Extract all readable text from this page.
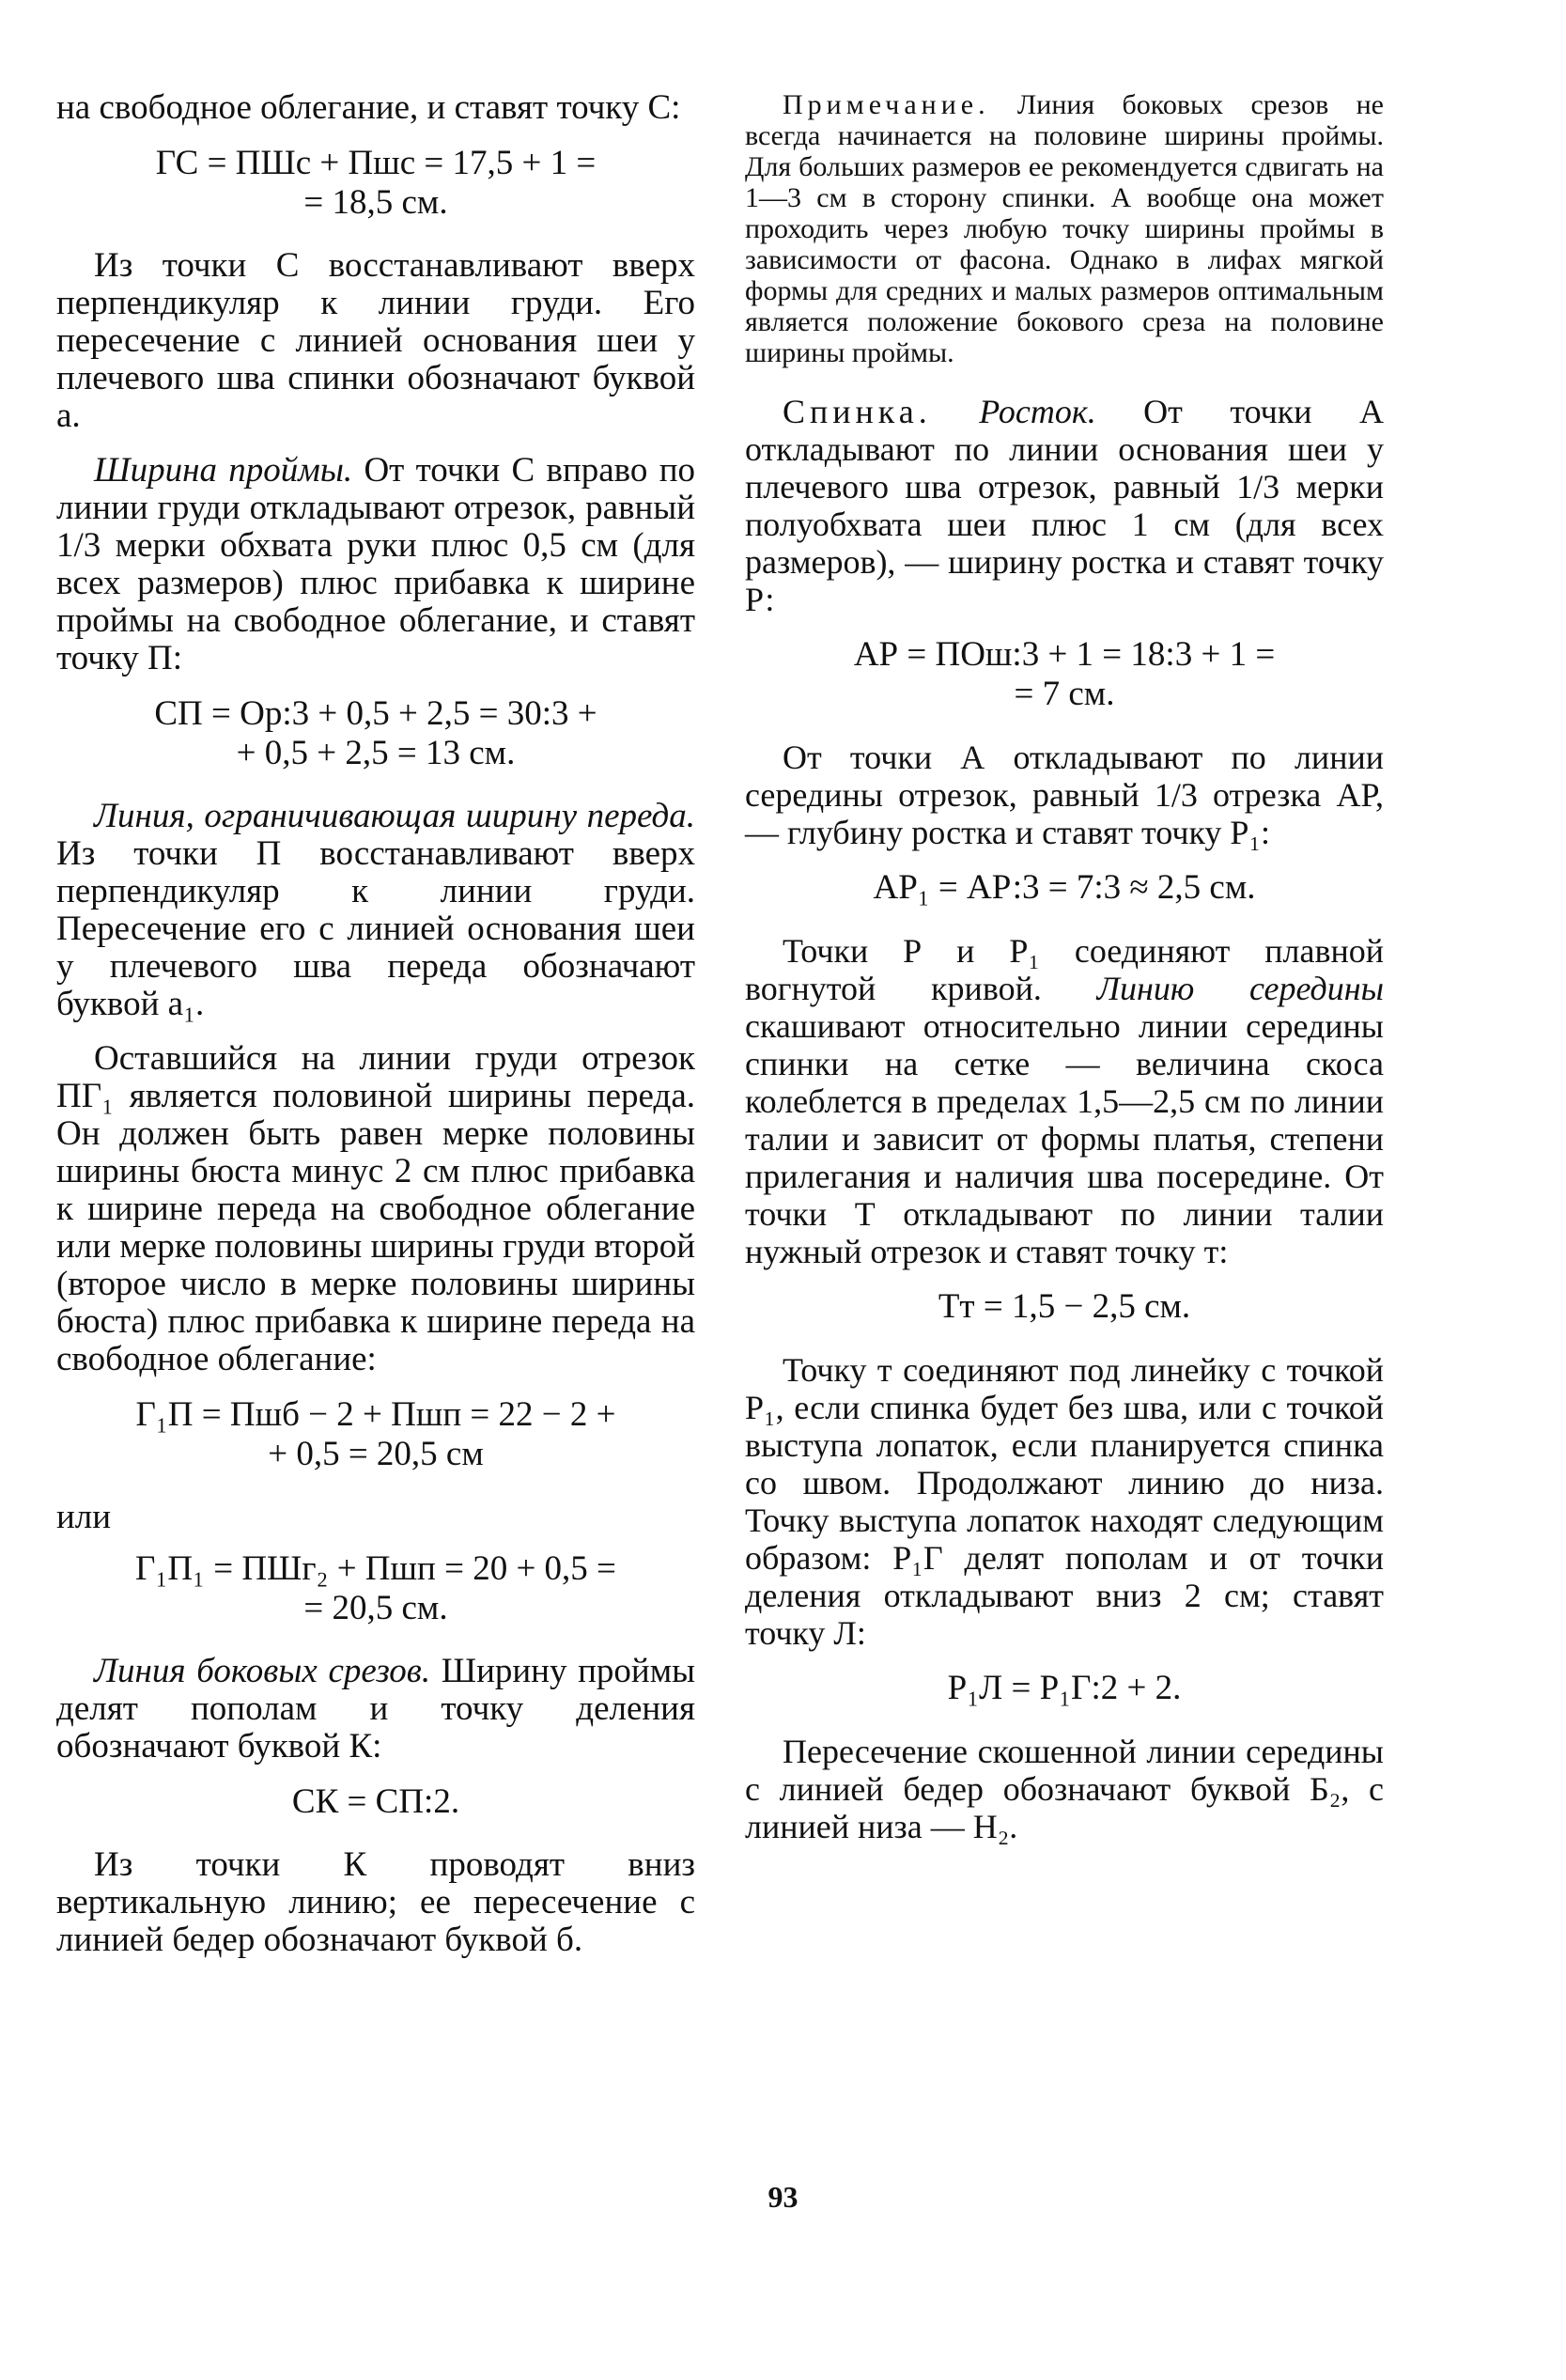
на свободное облегание, и ставят точку С:

ГС = ПШс + Пшс = 17,5 + 1 =
= 18,5 см.

Из точки С восстанавливают вверх перпендикуляр к линии груди. Его пересечение с линией основания шеи у плечевого шва спинки обозначают буквой а.

Ширина проймы. От точки С вправо по линии груди откладывают отрезок, равный 1/3 мерки обхвата руки плюс 0,5 см (для всех размеров) плюс прибавка к ширине проймы на свободное облегание, и ставят точку П:

СП = Ор:3 + 0,5 + 2,5 = 30:3 +
+ 0,5 + 2,5 = 13 см.

Линия, ограничивающая ширину переда. Из точки П восстанавливают вверх перпендикуляр к линии груди. Пересечение его с линией основания шеи у плечевого шва переда обозначают буквой а₁.

Оставшийся на линии груди отрезок ПГ₁ является половиной ширины переда. Он должен быть равен мерке половины ширины бюста минус 2 см плюс прибавка к ширине переда на свободное облегание или мерке половины ширины груди второй (второе число в мерке половины ширины бюста) плюс прибавка к ширине переда на свободное облегание:

Г₁П = Пшб − 2 + Пшп = 22 − 2 +
+ 0,5 = 20,5 см

или

Г₁П₁ = ПШг₂ + Пшп = 20 + 0,5 =
= 20,5 см.

Линия боковых срезов. Ширину проймы делят пополам и точку деления обозначают буквой К:

СК = СП:2.

Из точки К проводят вниз вертикальную линию; ее пересечение с линией бедер обозначают буквой б.

Примечание. Линия боковых срезов не всегда начинается на половине ширины проймы. Для больших размеров ее рекомендуется сдвигать на 1—3 см в сторону спинки. А вообще она может проходить через любую точку ширины проймы в зависимости от фасона. Однако в лифах мягкой формы для средних и малых размеров оптимальным является положение бокового среза на половине ширины проймы.

Спинка. Росток. От точки А откладывают по линии основания шеи у плечевого шва отрезок, равный 1/3 мерки полуобхвата шеи плюс 1 см (для всех размеров), — ширину ростка и ставят точку Р:

АР = ПОш:3 + 1 = 18:3 + 1 =
= 7 см.

От точки А откладывают по линии середины отрезок, равный 1/3 отрезка АР, — глубину ростка и ставят точку Р₁:

АР₁ = АР:3 = 7:3 ≈ 2,5 см.

Точки Р и Р₁ соединяют плавной вогнутой кривой. Линию середины скашивают относительно линии середины спинки на сетке — величина скоса колеблется в пределах 1,5—2,5 см по линии талии и зависит от формы платья, степени прилегания и наличия шва посередине. От точки Т откладывают по линии талии нужный отрезок и ставят точку т:

Тт = 1,5 − 2,5 см.

Точку т соединяют под линейку с точкой Р₁, если спинка будет без шва, или с точкой выступа лопаток, если планируется спинка со швом. Продолжают линию до низа. Точку выступа лопаток находят следующим образом: Р₁Г делят пополам и от точки деления откладывают вниз 2 см; ставят точку Л:

Р₁Л = Р₁Г:2 + 2.

Пересечение скошенной линии середины с линией бедер обозначают буквой Б₂, с линией низа — Н₂.

93
